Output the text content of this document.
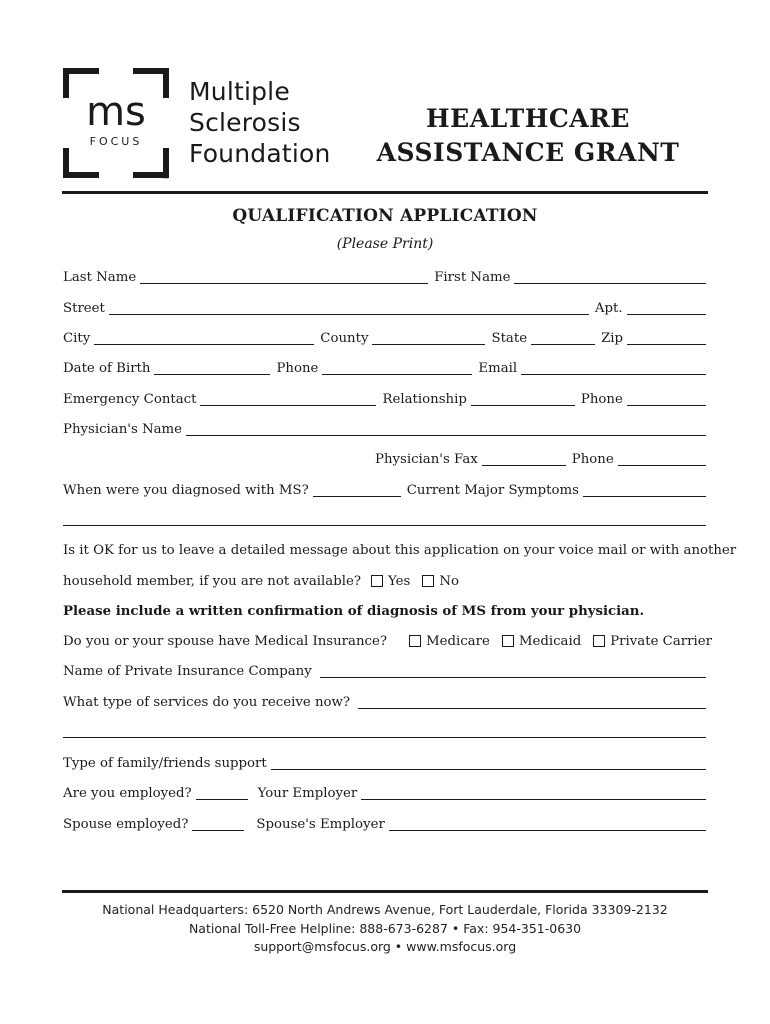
ms
FOCUS
TM
Multiple
Sclerosis
Foundation
HEALTHCARE
ASSISTANCE GRANT
QUALIFICATION APPLICATION
(Please Print)
Last Name	First Name
Street	Apt.
City	County	State	Zip
Date of Birth	Phone	Email
Emergency Contact	Relationship	Phone
Physician's Name
Physician's Fax	Phone
When were you diagnosed with MS?	Current Major Symptoms
Is it OK for us to leave a detailed message about this application on your voice mail or with another
household member, if you are not available?	Yes No
Please include a written confirmation of diagnosis of MS from your physician.
Do you or your spouse have Medical Insurance?	Medicare Medicaid Private Carrier
Name of Private Insurance Company
What type of services do you receive now?
Type of family/friends support
Are you employed?	Your Employer
Spouse employed?	Spouse's Employer
National Headquarters: 6520 North Andrews Avenue, Fort Lauderdale, Florida 33309-2132
National Toll-Free Helpline: 888-673-6287 • Fax: 954-351-0630
support@msfocus.org • www.msfocus.org
